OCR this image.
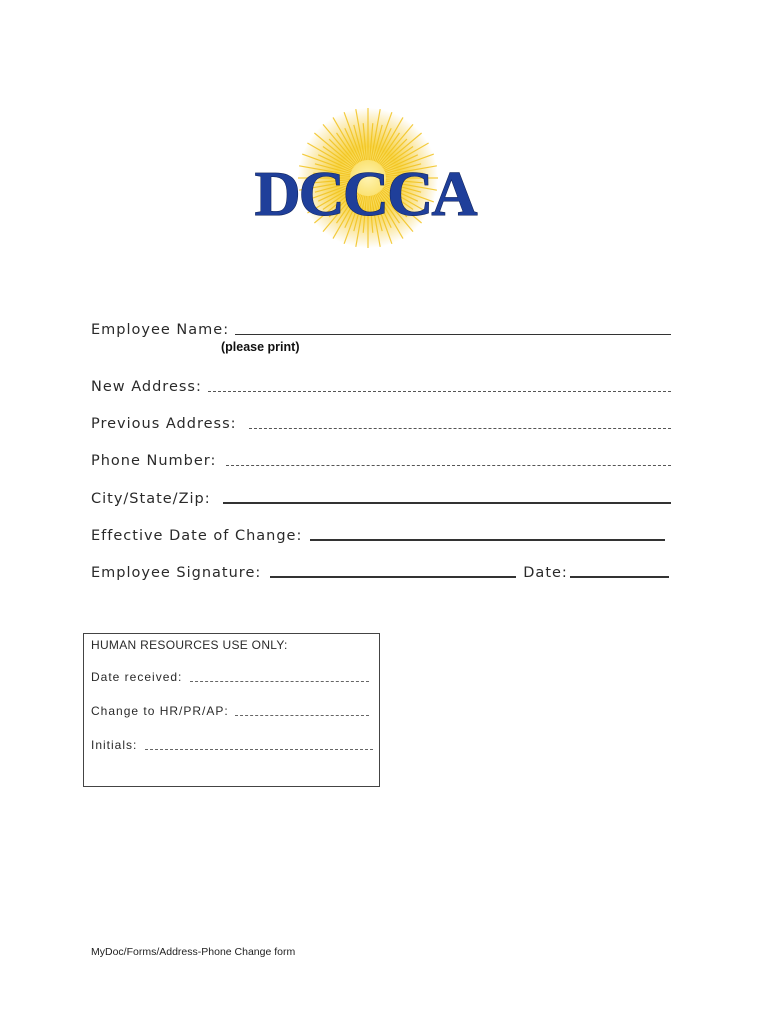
DCCCA
Employee Name:
(please print)
New Address:
Previous Address:
Phone Number:
City/State/Zip:
Effective Date of Change:
Employee Signature:	Date:
HUMAN RESOURCES USE ONLY:
Date received:
Change to HR/PR/AP:
Initials:
MyDoc/Forms/Address-Phone Change form
